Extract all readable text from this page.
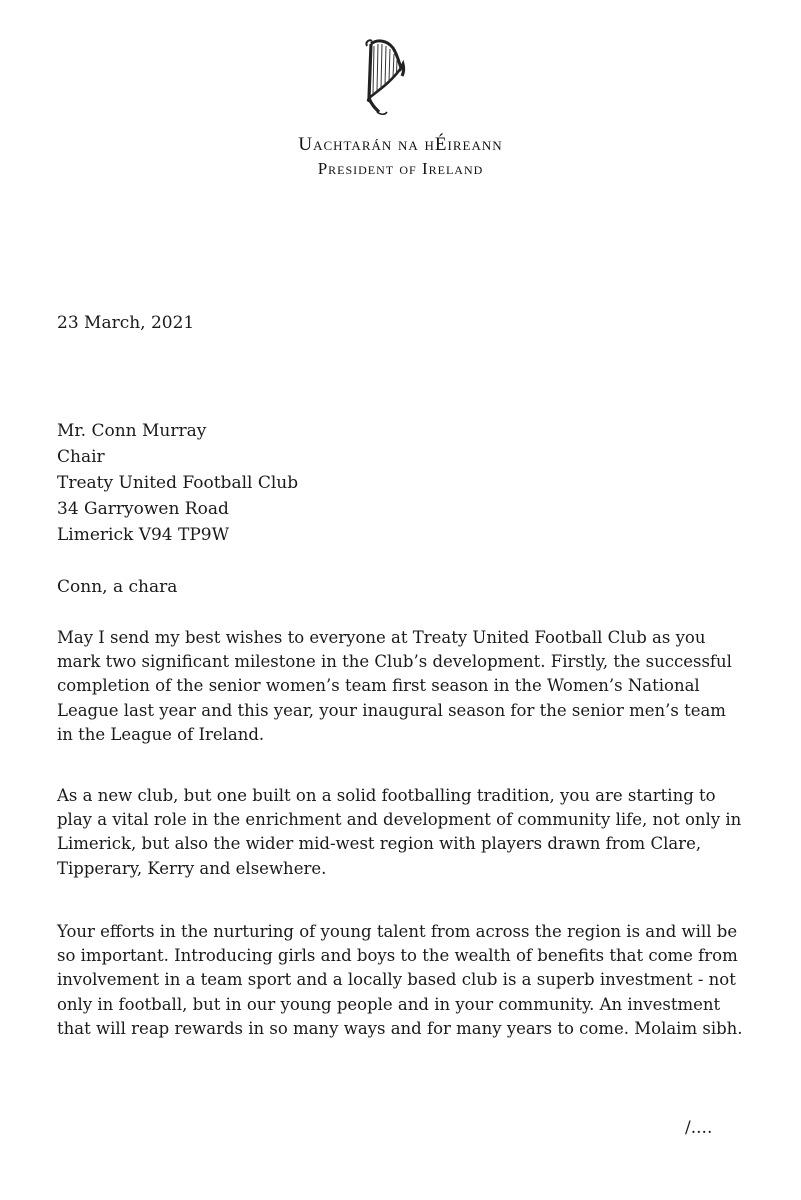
Uachtarán na hÉireann
President of Ireland
23 March, 2021
Mr. Conn Murray
Chair
Treaty United Football Club
34 Garryowen Road
Limerick V94 TP9W
Conn, a chara
May I send my best wishes to everyone at Treaty United Football Club as you mark two significant milestone in the Club’s development. Firstly, the successful completion of the senior women’s team first season in the Women’s National League last year and this year, your inaugural season for the senior men’s team in the League of Ireland.
As a new club, but one built on a solid footballing tradition, you are starting to play a vital role in the enrichment and development of community life, not only in Limerick, but also the wider mid-west region with players drawn from Clare, Tipperary, Kerry and elsewhere.
Your efforts in the nurturing of young talent from across the region is and will be so important. Introducing girls and boys to the wealth of benefits that come from involvement in a team sport and a locally based club is a superb investment - not only in football, but in our young people and in your community. An investment that will reap rewards in so many ways and for many years to come. Molaim sibh.
/....
